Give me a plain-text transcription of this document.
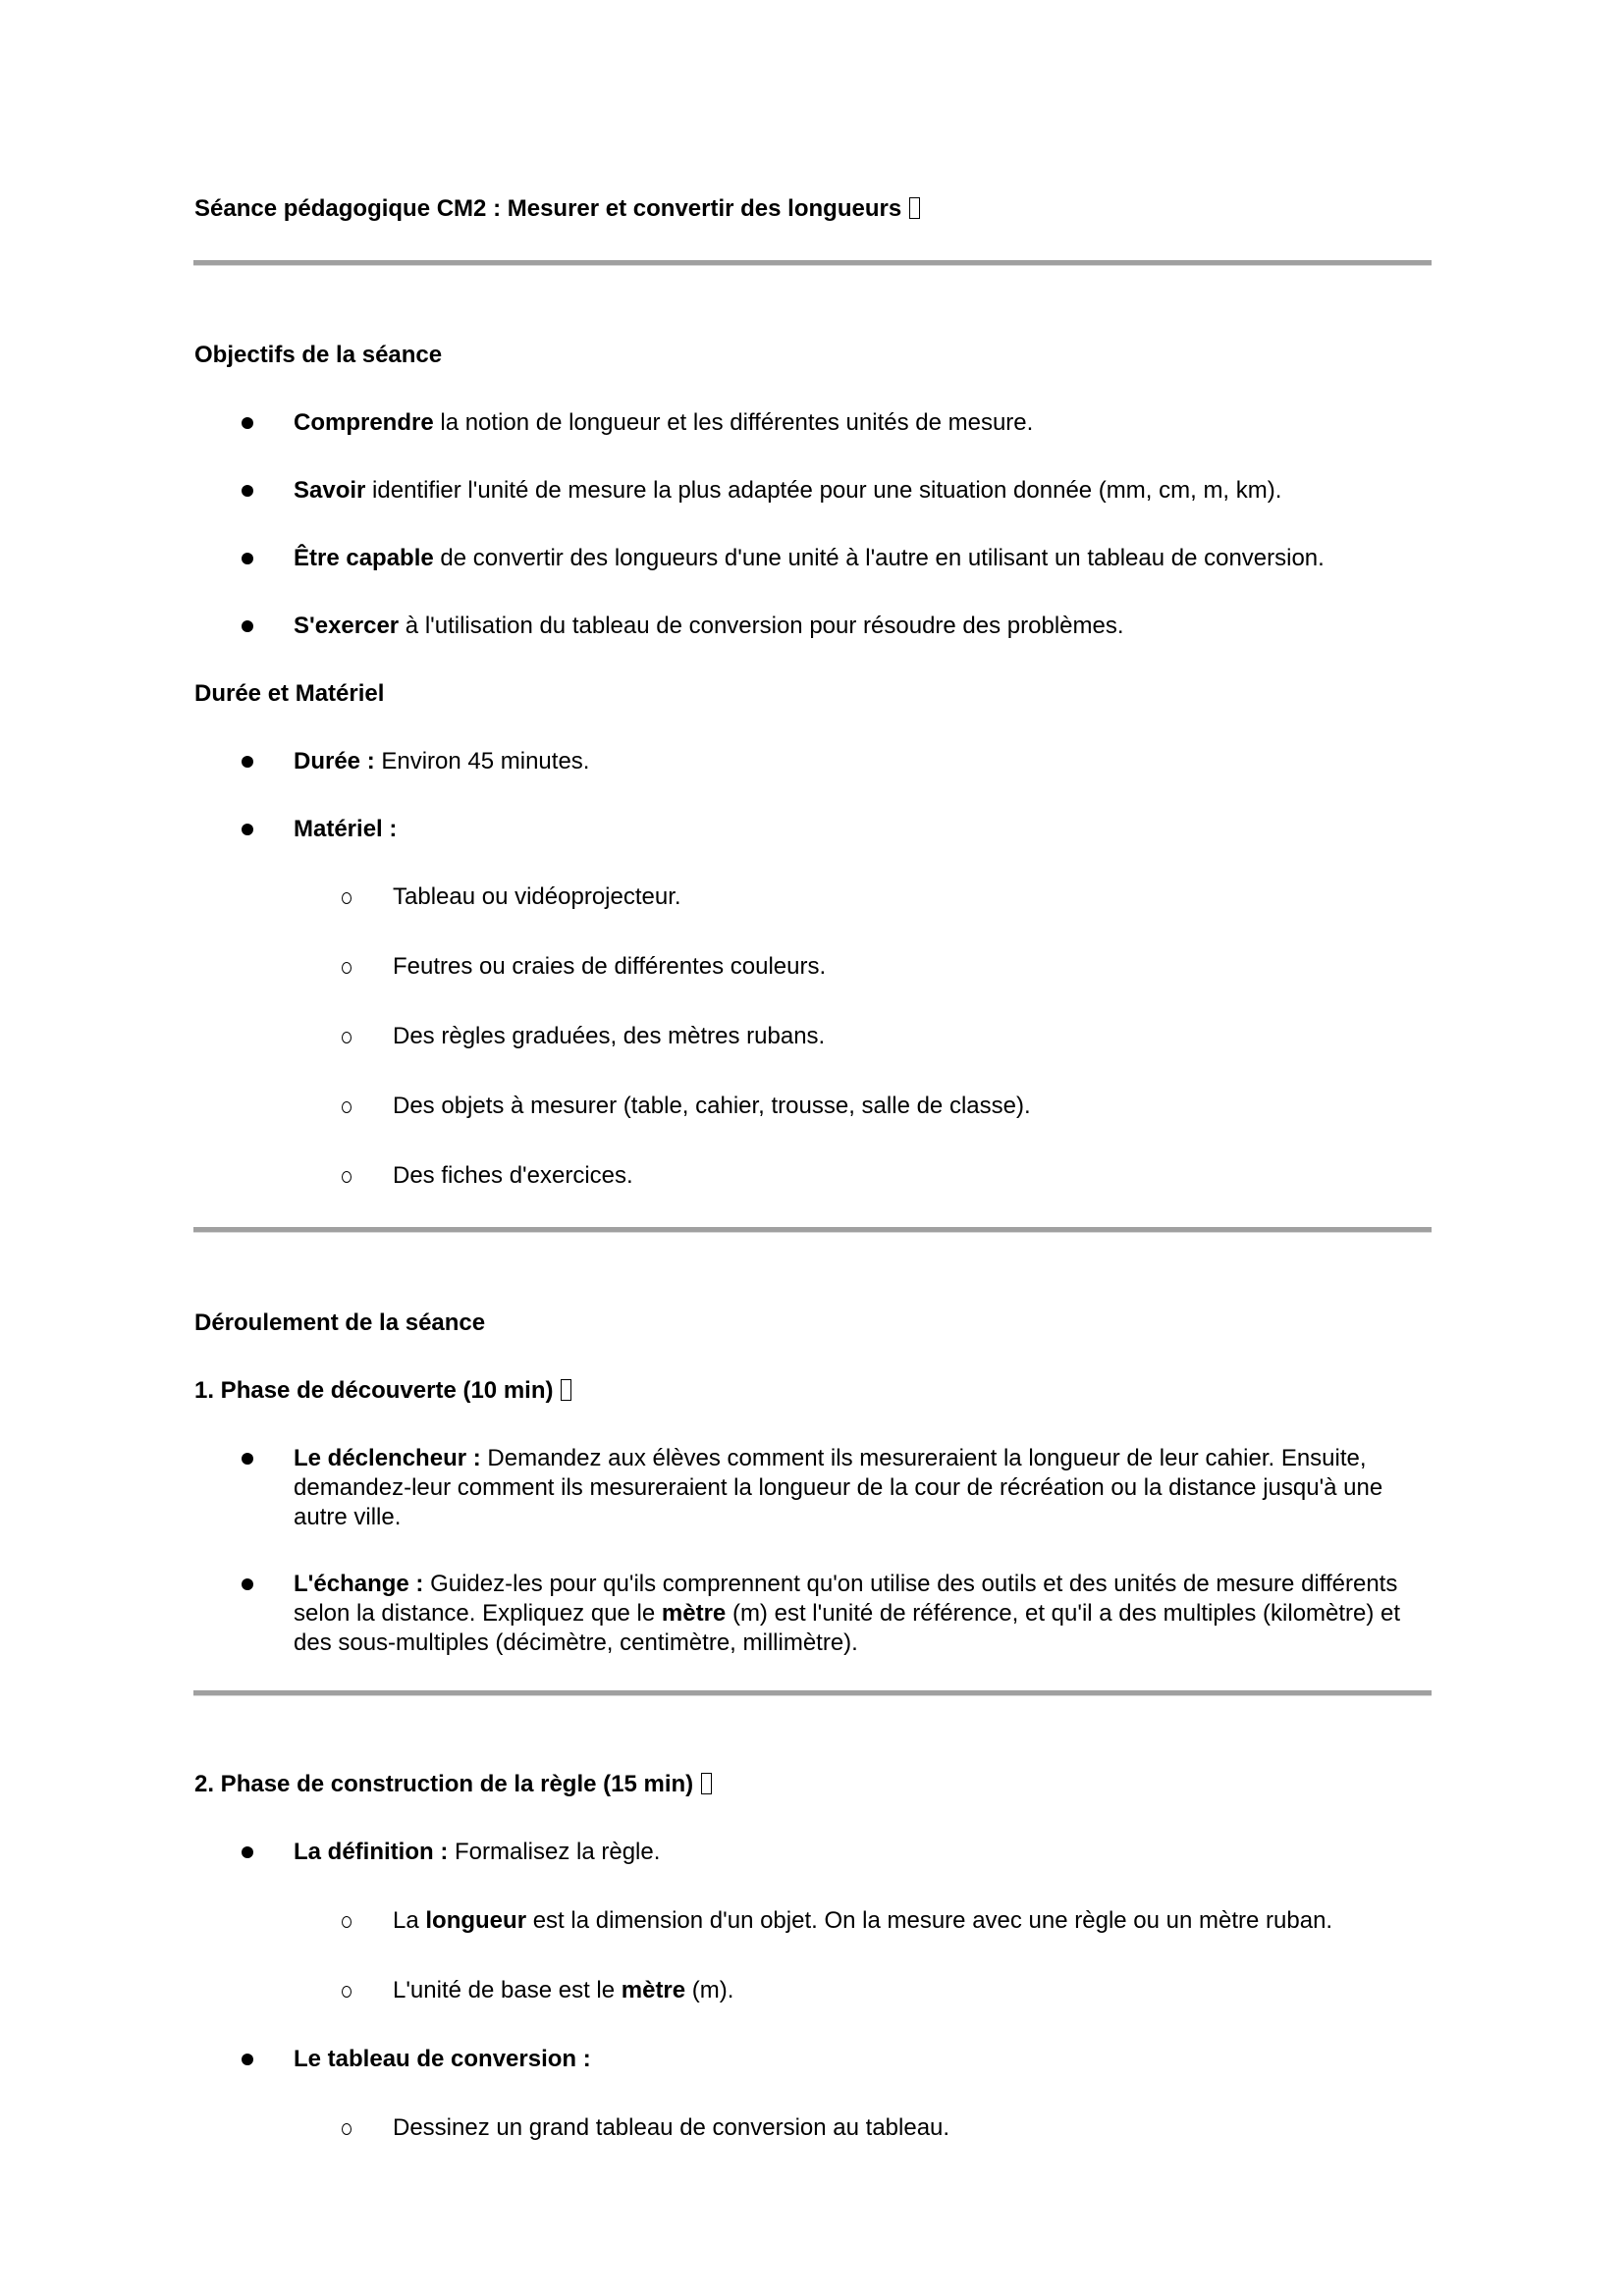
Séance pédagogique CM2 : Mesurer et convertir des longueurs
Objectifs de la séance
Comprendre la notion de longueur et les différentes unités de mesure.
Savoir identifier l'unité de mesure la plus adaptée pour une situation donnée (mm, cm, m, km).
Être capable de convertir des longueurs d'une unité à l'autre en utilisant un tableau de conversion.
S'exercer à l'utilisation du tableau de conversion pour résoudre des problèmes.
Durée et Matériel
Durée : Environ 45 minutes.
Matériel :
Tableau ou vidéoprojecteur.
Feutres ou craies de différentes couleurs.
Des règles graduées, des mètres rubans.
Des objets à mesurer (table, cahier, trousse, salle de classe).
Des fiches d'exercices.
Déroulement de la séance
1. Phase de découverte (10 min)
Le déclencheur : Demandez aux élèves comment ils mesureraient la longueur de leur cahier. Ensuite, demandez-leur comment ils mesureraient la longueur de la cour de récréation ou la distance jusqu'à une autre ville.
L'échange : Guidez-les pour qu'ils comprennent qu'on utilise des outils et des unités de mesure différents selon la distance. Expliquez que le mètre (m) est l'unité de référence, et qu'il a des multiples (kilomètre) et des sous-multiples (décimètre, centimètre, millimètre).
2. Phase de construction de la règle (15 min)
La définition : Formalisez la règle.
La longueur est la dimension d'un objet. On la mesure avec une règle ou un mètre ruban.
L'unité de base est le mètre (m).
Le tableau de conversion :
Dessinez un grand tableau de conversion au tableau.
